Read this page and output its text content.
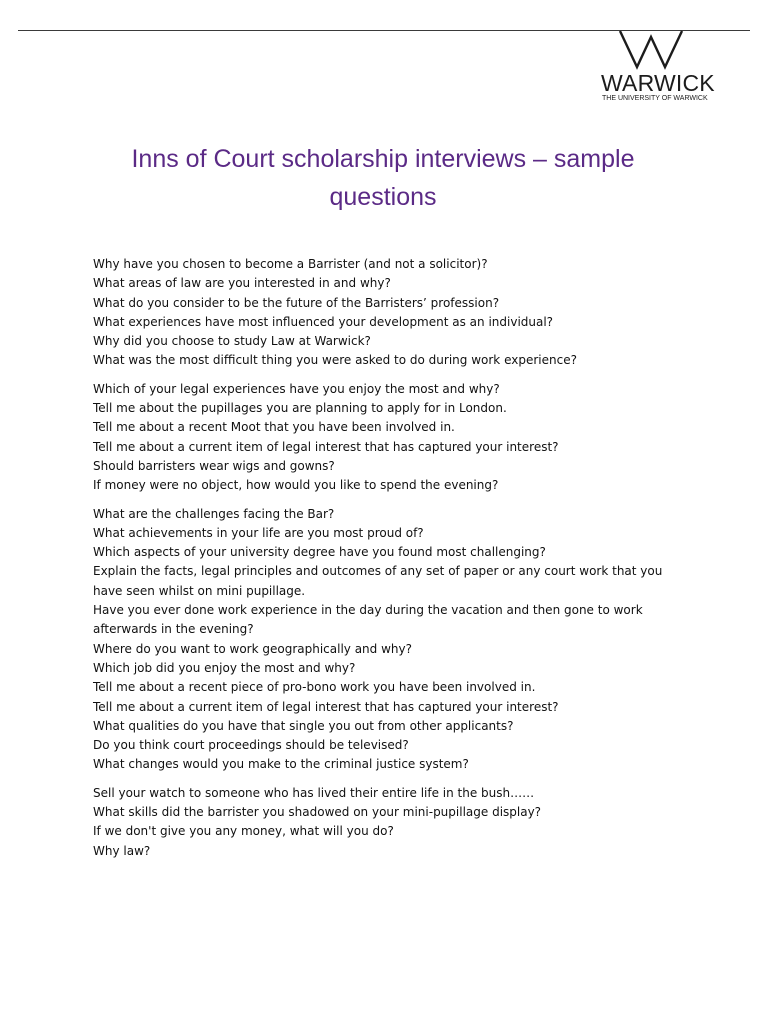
WARWICK
THE UNIVERSITY OF WARWICK
Inns of Court scholarship interviews – sample
questions
Why have you chosen to become a Barrister (and not a solicitor)?
What areas of law are you interested in and why?
What do you consider to be the future of the Barristers’ profession?
What experiences have most influenced your development as an individual?
Why did you choose to study Law at Warwick?
What was the most difficult thing you were asked to do during work experience?
Which of your legal experiences have you enjoy the most and why?
Tell me about the pupillages you are planning to apply for in London.
Tell me about a recent Moot that you have been involved in.
Tell me about a current item of legal interest that has captured your interest?
Should barristers wear wigs and gowns?
If money were no object, how would you like to spend the evening?
What are the challenges facing the Bar?
What achievements in your life are you most proud of?
Which aspects of your university degree have you found most challenging?
Explain the facts, legal principles and outcomes of any set of paper or any court work that you have seen whilst on mini pupillage.
Have you ever done work experience in the day during the vacation and then gone to work afterwards in the evening?
Where do you want to work geographically and why?
Which job did you enjoy the most and why?
Tell me about a recent piece of pro-bono work you have been involved in.
Tell me about a current item of legal interest that has captured your interest?
What qualities do you have that single you out from other applicants?
Do you think court proceedings should be televised?
What changes would you make to the criminal justice system?
Sell your watch to someone who has lived their entire life in the bush……
What skills did the barrister you shadowed on your mini-pupillage display?
If we don't give you any money, what will you do?
Why law?
